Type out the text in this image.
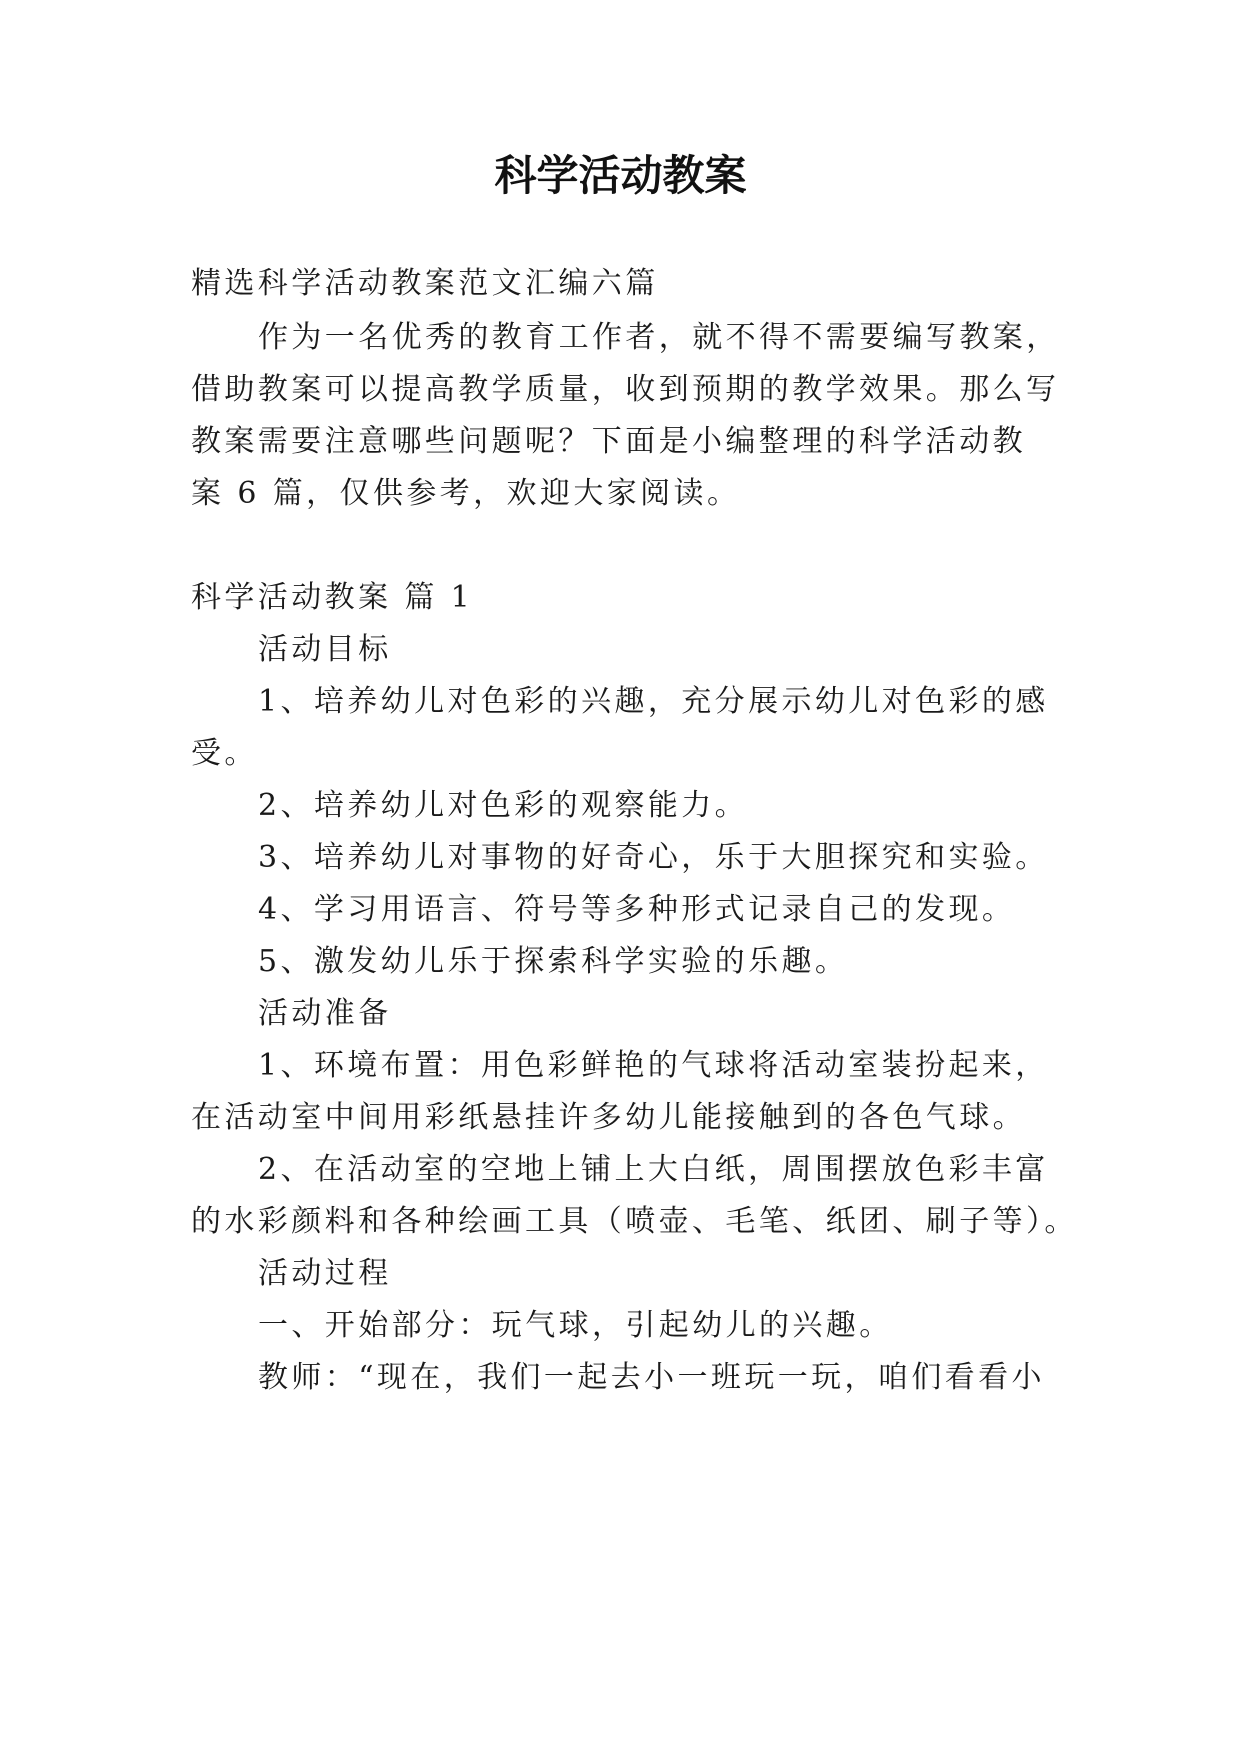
科学活动教案

精选科学活动教案范文汇编六篇

作为一名优秀的教育工作者，就不得不需要编写教案，

借助教案可以提高教学质量，收到预期的教学效果。那么写

教案需要注意哪些问题呢？下面是小编整理的科学活动教

案 6 篇，仅供参考，欢迎大家阅读。

科学活动教案 篇 1

活动目标

1、培养幼儿对色彩的兴趣，充分展示幼儿对色彩的感

受。

2、培养幼儿对色彩的观察能力。

3、培养幼儿对事物的好奇心，乐于大胆探究和实验。

4、学习用语言、符号等多种形式记录自己的发现。

5、激发幼儿乐于探索科学实验的乐趣。

活动准备

1、环境布置：用色彩鲜艳的气球将活动室装扮起来，

在活动室中间用彩纸悬挂许多幼儿能接触到的各色气球。

2、在活动室的空地上铺上大白纸，周围摆放色彩丰富

的水彩颜料和各种绘画工具（喷壶、毛笔、纸团、刷子等）。

活动过程

一、开始部分：玩气球，引起幼儿的兴趣。

教师：“现在，我们一起去小一班玩一玩，咱们看看小
